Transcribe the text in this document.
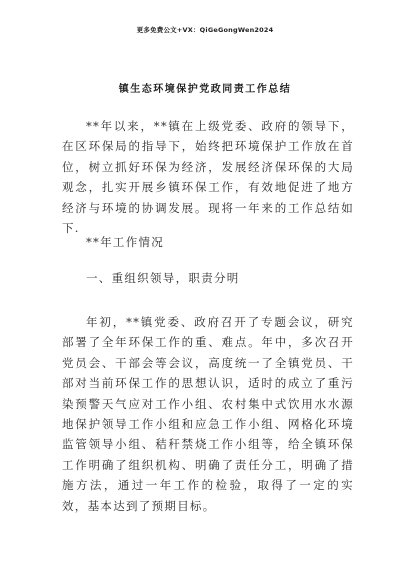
更多免费公文+VX：QiGeGongWen2024
镇生态环境保护党政同责工作总结

**年以来，**镇在上级党委、政府的领导下，在区环保局的指导下，始终把环境保护工作放在首位，树立抓好环保为经济，发展经济保环保的大局观念，扎实开展乡镇环保工作，有效地促进了地方经济与环境的协调发展。现将一年来的工作总结如下.

**年工作情况

一、重组织领导，职责分明

年初，**镇党委、政府召开了专题会议，研究部署了全年环保工作的重、难点。年中，多次召开党员会、干部会等会议，高度统一了全镇党员、干部对当前环保工作的思想认识，适时的成立了重污染预警天气应对工作小组、农村集中式饮用水水源地保护领导工作小组和应急工作小组、网格化环境监管领导小组、秸秆禁烧工作小组等，给全镇环保工作明确了组织机构、明确了责任分工，明确了措施方法，通过一年工作的检验，取得了一定的实效，基本达到了预期目标。
